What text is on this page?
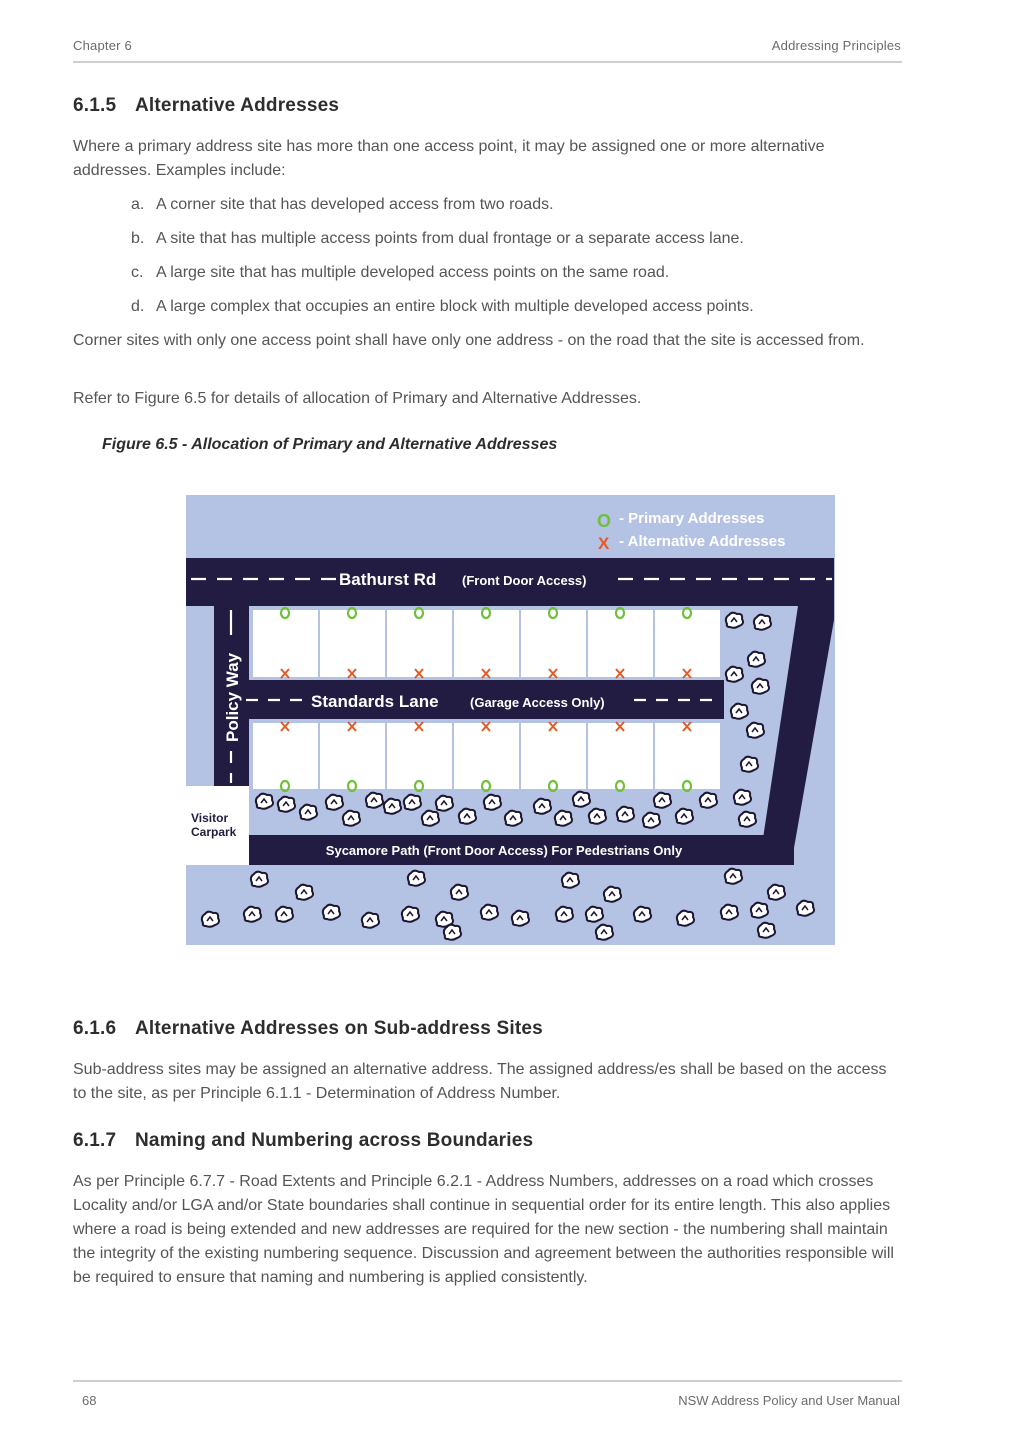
Chapter 6	Addressing Principles
6.1.5 Alternative Addresses

Where a primary address site has more than one access point, it may be assigned one or more alternative addresses. Examples include:

a. A corner site that has developed access from two roads.
b. A site that has multiple access points from dual frontage or a separate access lane.
c. A large site that has multiple developed access points on the same road.
d. A large complex that occupies an entire block with multiple developed access points.

Corner sites with only one access point shall have only one address - on the road that the site is accessed from.

Refer to Figure 6.5 for details of allocation of Primary and Alternative Addresses.

Figure 6.5 - Allocation of Primary and Alternative Addresses
Visitor
Carpark
Bathurst Rd (Front Door Access)
Standards Lane (Garage Access Only)
Policy Way
Sycamore Path (Front Door Access) For Pedestrians Only
O - Primary Addresses
X - Alternative Addresses
6.1.6 Alternative Addresses on Sub-address Sites

Sub-address sites may be assigned an alternative address. The assigned address/es shall be based on the access to the site, as per Principle 6.1.1 - Determination of Address Number.

6.1.7 Naming and Numbering across Boundaries

As per Principle 6.7.7 - Road Extents and Principle 6.2.1 - Address Numbers, addresses on a road which crosses Locality and/or LGA and/or State boundaries shall continue in sequential order for its entire length. This also applies where a road is being extended and new addresses are required for the new section - the numbering shall maintain the integrity of the existing numbering sequence. Discussion and agreement between the authorities responsible will be required to ensure that naming and numbering is applied consistently.

68	NSW Address Policy and User Manual
